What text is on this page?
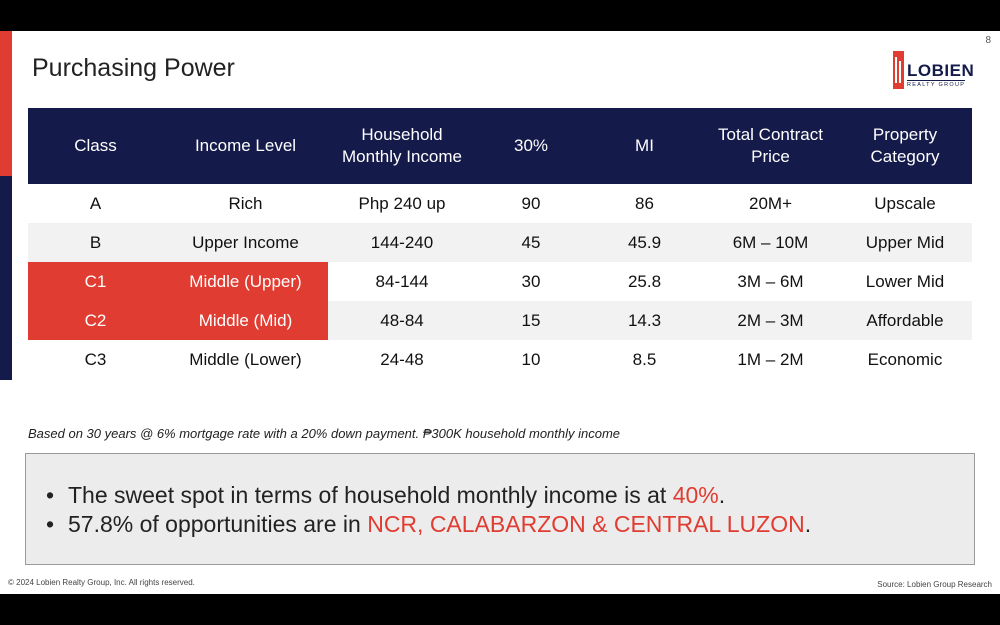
8
Purchasing Power	LOBIEN
REALTY GROUP
Class	Income Level	Household Monthly Income	30%	MI	Total Contract Price	Property Category
A	Rich	Php 240 up	90	86	20M+	Upscale
B	Upper Income	144-240	45	45.9	6M – 10M	Upper Mid
C1	Middle (Upper)	84-144	30	25.8	3M – 6M	Lower Mid
C2	Middle (Mid)	48-84	15	14.3	2M – 3M	Affordable
C3	Middle (Lower)	24-48	10	8.5	1M – 2M	Economic
Based on 30 years @ 6% mortgage rate with a 20% down payment. ₱300K household monthly income
• The sweet spot in terms of household monthly income is at 40%.
• 57.8% of opportunities are in NCR, CALABARZON & CENTRAL LUZON.
© 2024 Lobien Realty Group, Inc. All rights reserved.	Source: Lobien Group Research
